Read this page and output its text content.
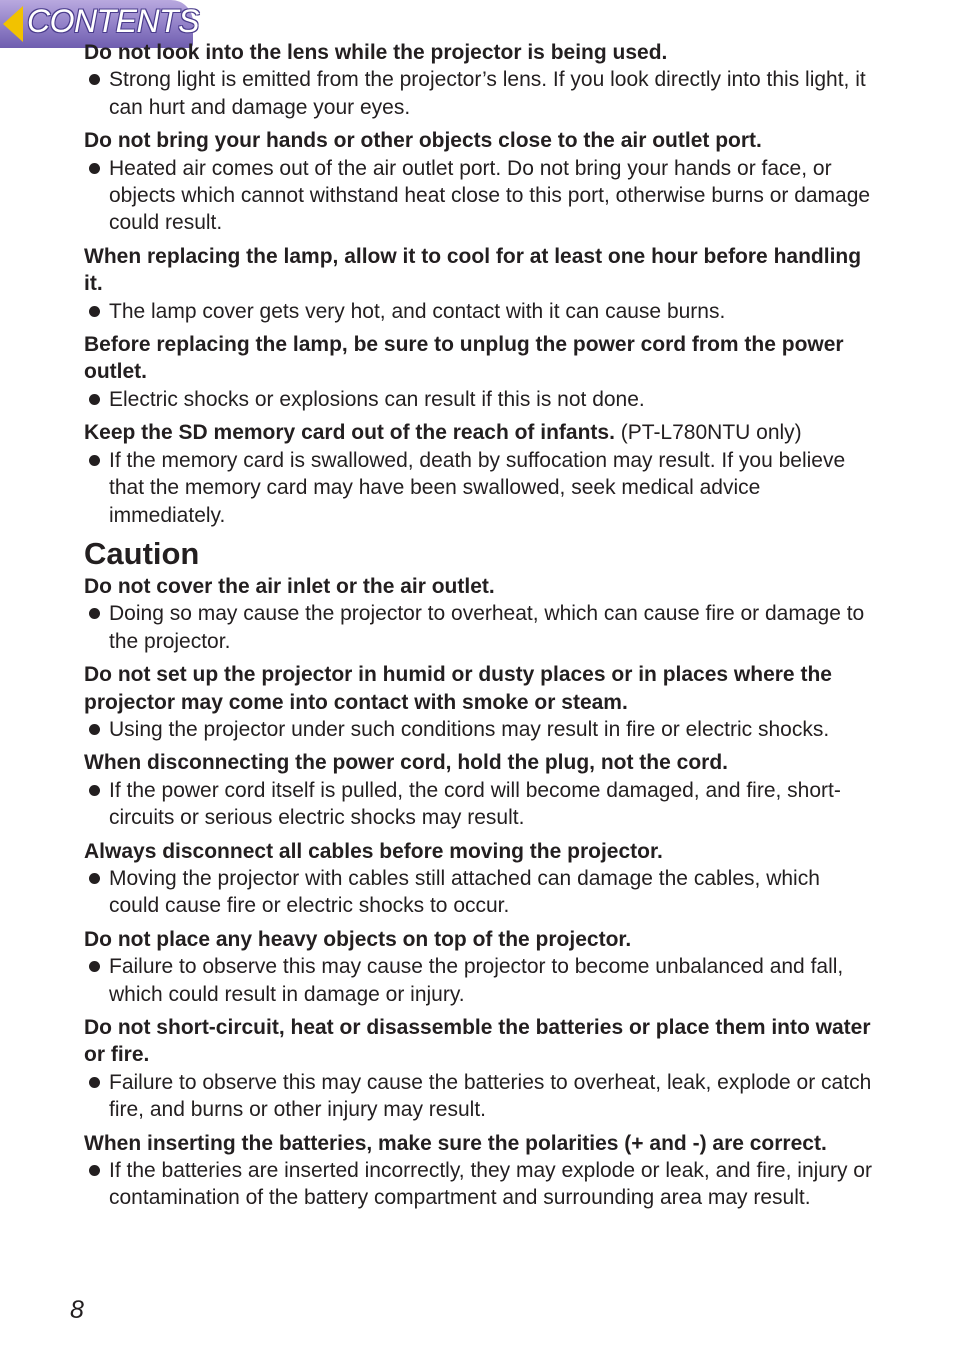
CONTENTS

Do not look into the lens while the projector is being used.

Strong light is emitted from the projector’s lens. If you look directly into this light, it can hurt and damage your eyes.

Do not bring your hands or other objects close to the air outlet port.

Heated air comes out of the air outlet port. Do not bring your hands or face, or objects which cannot withstand heat close to this port, otherwise burns or damage could result.

When replacing the lamp, allow it to cool for at least one hour before handling it.

The lamp cover gets very hot, and contact with it can cause burns.

Before replacing the lamp, be sure to unplug the power cord from the power outlet.

Electric shocks or explosions can result if this is not done.

Keep the SD memory card out of the reach of infants. (PT-L780NTU only)

If the memory card is swallowed, death by suffocation may result. If you believe that the memory card may have been swallowed, seek medical advice immediately.

Caution

Do not cover the air inlet or the air outlet.

Doing so may cause the projector to overheat, which can cause fire or damage to the projector.

Do not set up the projector in humid or dusty places or in places where the projector may come into contact with smoke or steam.

Using the projector under such conditions may result in fire or electric shocks.

When disconnecting the power cord, hold the plug, not the cord.

If the power cord itself is pulled, the cord will become damaged, and fire, short-circuits or serious electric shocks may result.

Always disconnect all cables before moving the projector.

Moving the projector with cables still attached can damage the cables, which could cause fire or electric shocks to occur.

Do not place any heavy objects on top of the projector.

Failure to observe this may cause the projector to become unbalanced and fall, which could result in damage or injury.

Do not short-circuit, heat or disassemble the batteries or place them into water or fire.

Failure to observe this may cause the batteries to overheat, leak, explode or catch fire, and burns or other injury may result.

When inserting the batteries, make sure the polarities (+ and -) are correct.

If the batteries are inserted incorrectly, they may explode or leak, and fire, injury or contamination of the battery compartment and surrounding area may result.

8
